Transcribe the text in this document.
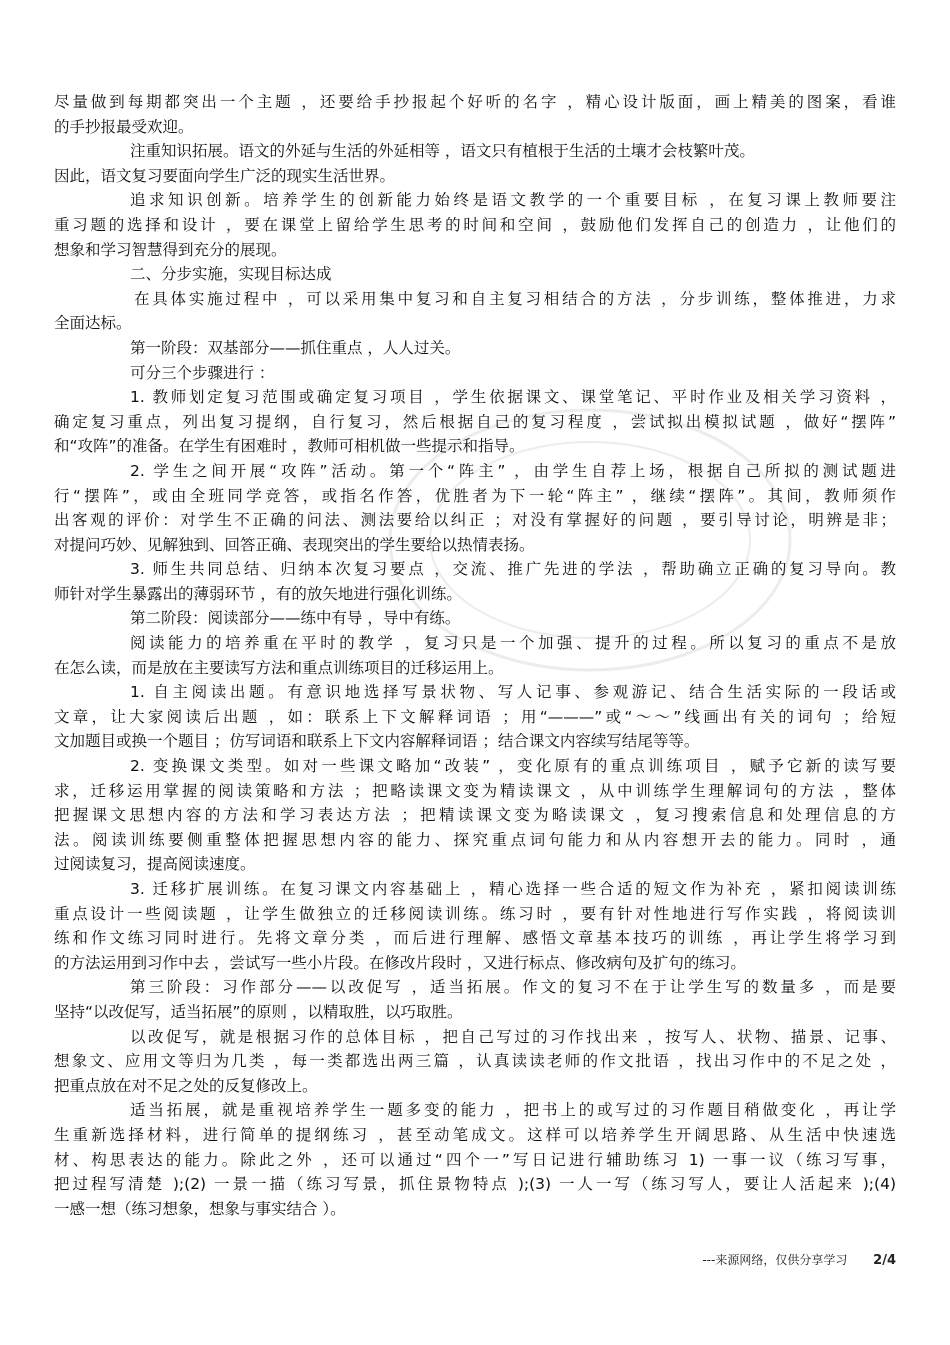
尽量做到每期都突出一个主题 ，还要给手抄报起个好听的名字 ，精心设计版面，画上精美的图案，看谁
的手抄报最受欢迎。
注重知识拓展。语文的外延与生活的外延相等 ，语文只有植根于生活的土壤才会枝繁叶茂。
因此，语文复习要面向学生广泛的现实生活世界。
追求知识创新。培养学生的创新能力始终是语文教学的一个重要目标 ，在复习课上教师要注
重习题的选择和设计 ，要在课堂上留给学生思考的时间和空间 ，鼓励他们发挥自己的创造力 ，让他们的
想象和学习智慧得到充分的展现。
二、分步实施，实现目标达成
在具体实施过程中 ，可以采用集中复习和自主复习相结合的方法 ，分步训练，整体推进，力求
全面达标。
第一阶段：双基部分——抓住重点 ，人人过关。
可分三个步骤进行 ：
1. 教师划定复习范围或确定复习项目 ，学生依据课文、课堂笔记、平时作业及相关学习资料 ，
确定复习重点，列出复习提纲，自行复习，然后根据自己的复习程度 ，尝试拟出模拟试题 ，做好“摆阵”
和“攻阵”的准备。在学生有困难时 ，教师可相机做一些提示和指导。
2. 学生之间开展“攻阵”活动。第一个“阵主” ，由学生自荐上场，根据自己所拟的测试题进
行“摆阵”，或由全班同学竞答，或指名作答，优胜者为下一轮“阵主” ，继续“摆阵”。其间，教师须作
出客观的评价：对学生不正确的问法、测法要给以纠正 ；对没有掌握好的问题 ，要引导讨论，明辨是非；
对提问巧妙、见解独到、回答正确、表现突出的学生要给以热情表扬。
3. 师生共同总结、归纳本次复习要点 ，交流、推广先进的学法 ，帮助确立正确的复习导向。教
师针对学生暴露出的薄弱环节 ，有的放矢地进行强化训练。
第二阶段：阅读部分——练中有导 ，导中有练。
阅读能力的培养重在平时的教学 ，复习只是一个加强、提升的过程。所以复习的重点不是放
在怎么读，而是放在主要读写方法和重点训练项目的迁移运用上。
1. 自主阅读出题。有意识地选择写景状物、写人记事、参观游记、结合生活实际的一段话或
文章，让大家阅读后出题 ，如：联系上下文解释词语 ；用“———”或“～～”线画出有关的词句 ；给短
文加题目或换一个题目 ；仿写词语和联系上下文内容解释词语 ；结合课文内容续写结尾等等。
2. 变换课文类型。如对一些课文略加“改装” ，变化原有的重点训练项目 ，赋予它新的读写要
求，迁移运用掌握的阅读策略和方法 ；把略读课文变为精读课文 ，从中训练学生理解词句的方法 ，整体
把握课文思想内容的方法和学习表达方法 ；把精读课文变为略读课文 ，复习搜索信息和处理信息的方
法。阅读训练要侧重整体把握思想内容的能力、探究重点词句能力和从内容想开去的能力。同时 ，通
过阅读复习，提高阅读速度。
3. 迁移扩展训练。在复习课文内容基础上 ，精心选择一些合适的短文作为补充 ，紧扣阅读训练
重点设计一些阅读题 ，让学生做独立的迁移阅读训练。练习时 ，要有针对性地进行写作实践 ，将阅读训
练和作文练习同时进行。先将文章分类 ，而后进行理解、感悟文章基本技巧的训练 ，再让学生将学习到
的方法运用到习作中去 ，尝试写一些小片段。在修改片段时 ，又进行标点、修改病句及扩句的练习。
第三阶段：习作部分——以改促写 ，适当拓展。作文的复习不在于让学生写的数量多 ，而是要
坚持“以改促写，适当拓展”的原则 ，以精取胜，以巧取胜。
以改促写，就是根据习作的总体目标 ，把自己写过的习作找出来 ，按写人、状物、描景、记事、
想象文、应用文等归为几类 ，每一类都选出两三篇 ，认真读读老师的作文批语 ，找出习作中的不足之处 ，
把重点放在对不足之处的反复修改上。
适当拓展，就是重视培养学生一题多变的能力 ，把书上的或写过的习作题目稍做变化 ，再让学
生重新选择材料，进行简单的提纲练习 ，甚至动笔成文。这样可以培养学生开阔思路、从生活中快速选
材、构思表达的能力。除此之外 ，还可以通过“四个一”写日记进行辅助练习 1) 一事一议（练习写事，
把过程写清楚 );(2) 一景一描（练习写景，抓住景物特点 );(3) 一人一写（练习写人，要让人活起来 );(4)
一感一想（练习想象，想象与事实结合 ）。
---来源网络，仅供分享学习 2/4
